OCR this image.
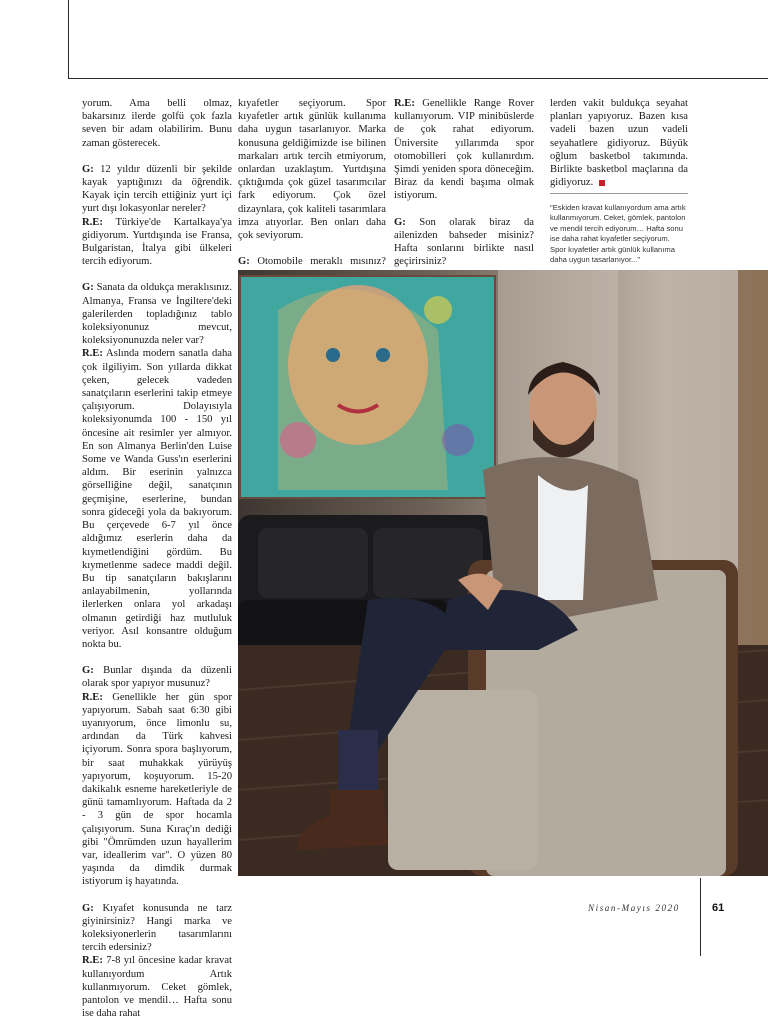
yorum. Ama belli olmaz, bakarsınız ilerde golfü çok fazla seven bir adam olabilirim. Bunu zaman gösterecek.

G: 12 yıldır düzenli bir şekilde kayak yaptığınızı da öğrendik. Kayak için tercih ettiğiniz yurt içi yurt dışı lokasyonlar nereler?
R.E: Türkiye'de Kartalkaya'ya gidiyorum. Yurtdışında ise Fransa, Bulgaristan, İtalya gibi ülkeleri tercih ediyorum.

G: Sanata da oldukça meraklısınız. Almanya, Fransa ve İngiltere'deki galerilerden topladığınız tablo koleksiyonunuz mevcut, koleksiyonunuzda neler var?
R.E: Aslında modern sanatla daha çok ilgiliyim. Son yıllarda dikkat çeken, gelecek vadeden sanatçıların eserlerini takip etmeye çalışıyorum. Dolayısıyla koleksiyonumda 100 - 150 yıl öncesine ait resimler yer almıyor. En son Almanya Berlin'den Luise Some ve Wanda Guss'ın eserlerini aldım. Bir eserinin yalnızca görselliğine değil, sanatçının geçmişine, eserlerine, bundan sonra gideceği yola da bakıyorum. Bu çerçevede 6-7 yıl önce aldığımız eserlerin daha da kıymetlendiğini gördüm. Bu kıymetlenme sadece maddi değil. Bu tip sanatçıların bakışlarını anlayabilmenin, yollarında ilerlerken onlara yol arkadaşı olmanın getirdiği haz mutluluk veriyor. Asıl konsantre olduğum nokta bu.

G: Bunlar dışında da düzenli olarak spor yapıyor musunuz?
R.E: Genellikle her gün spor yapıyorum. Sabah saat 6:30 gibi uyanıyorum, önce limonlu su, ardından da Türk kahvesi içiyorum. Sonra spora başlıyorum, bir saat muhakkak yürüyüş yapıyorum, koşuyorum. 15-20 dakikalık esneme hareketleriyle de günü tamamlıyorum. Haftada da 2 - 3 gün de spor hocamla çalışıyorum. Suna Kıraç'ın dediği gibi "Ömrümden uzun hayallerim var, ideallerim var". O yüzen 80 yaşında da dimdik durmak istiyorum iş hayatında.

G: Kıyafet konusunda ne tarz giyinirsiniz? Hangi marka ve koleksiyonerlerin tasarımlarını tercih edersiniz?
R.E: 7-8 yıl öncesine kadar kravat kullanıyordum Artık kullanmıyorum. Ceket gömlek, pantolon ve mendil… Hafta sonu ise daha rahat

kıyafetler seçiyorum. Spor kıyafetler artık günlük kullanıma daha uygun tasarlanıyor. Marka konusuna geldiğimizde ise bilinen markaları artık tercih etmiyorum, onlardan uzaklaştım. Yurtdışına çıktığımda çok güzel tasarımcılar fark ediyorum. Çok özel dizaynlara, çok kaliteli tasarımlara imza atıyorlar. Ben onları daha çok seviyorum.

G: Otomobile meraklı mısınız?

R.E: Genellikle Range Rover kullanıyorum. VIP minibüslerde de çok rahat ediyorum. Üniversite yıllarımda spor otomobilleri çok kullanırdım. Şimdi yeniden spora döneceğim. Biraz da kendi başıma olmak istiyorum.

G: Son olarak biraz da ailenizden bahseder misiniz? Hafta sonlarını birlikte nasıl geçirirsiniz?

lerden vakit buldukça seyahat planları yapıyoruz. Bazen kısa vadeli bazen uzun vadeli seyahatlere gidiyoruz. Büyük oğlum basketbol takımında. Birlikte basketbol maçlarına da gidiyoruz.

"Eskiden kravat kullanıyordum ama artık kullanmıyorum. Ceket, gömlek, pantolon ve mendil tercih ediyorum… Hafta sonu ise daha rahat kıyafetler seçiyorum. Spor kıyafetler artık günlük kullanıma daha uygun tasarlanıyor..."
Nisan-Mayıs 2020	61
